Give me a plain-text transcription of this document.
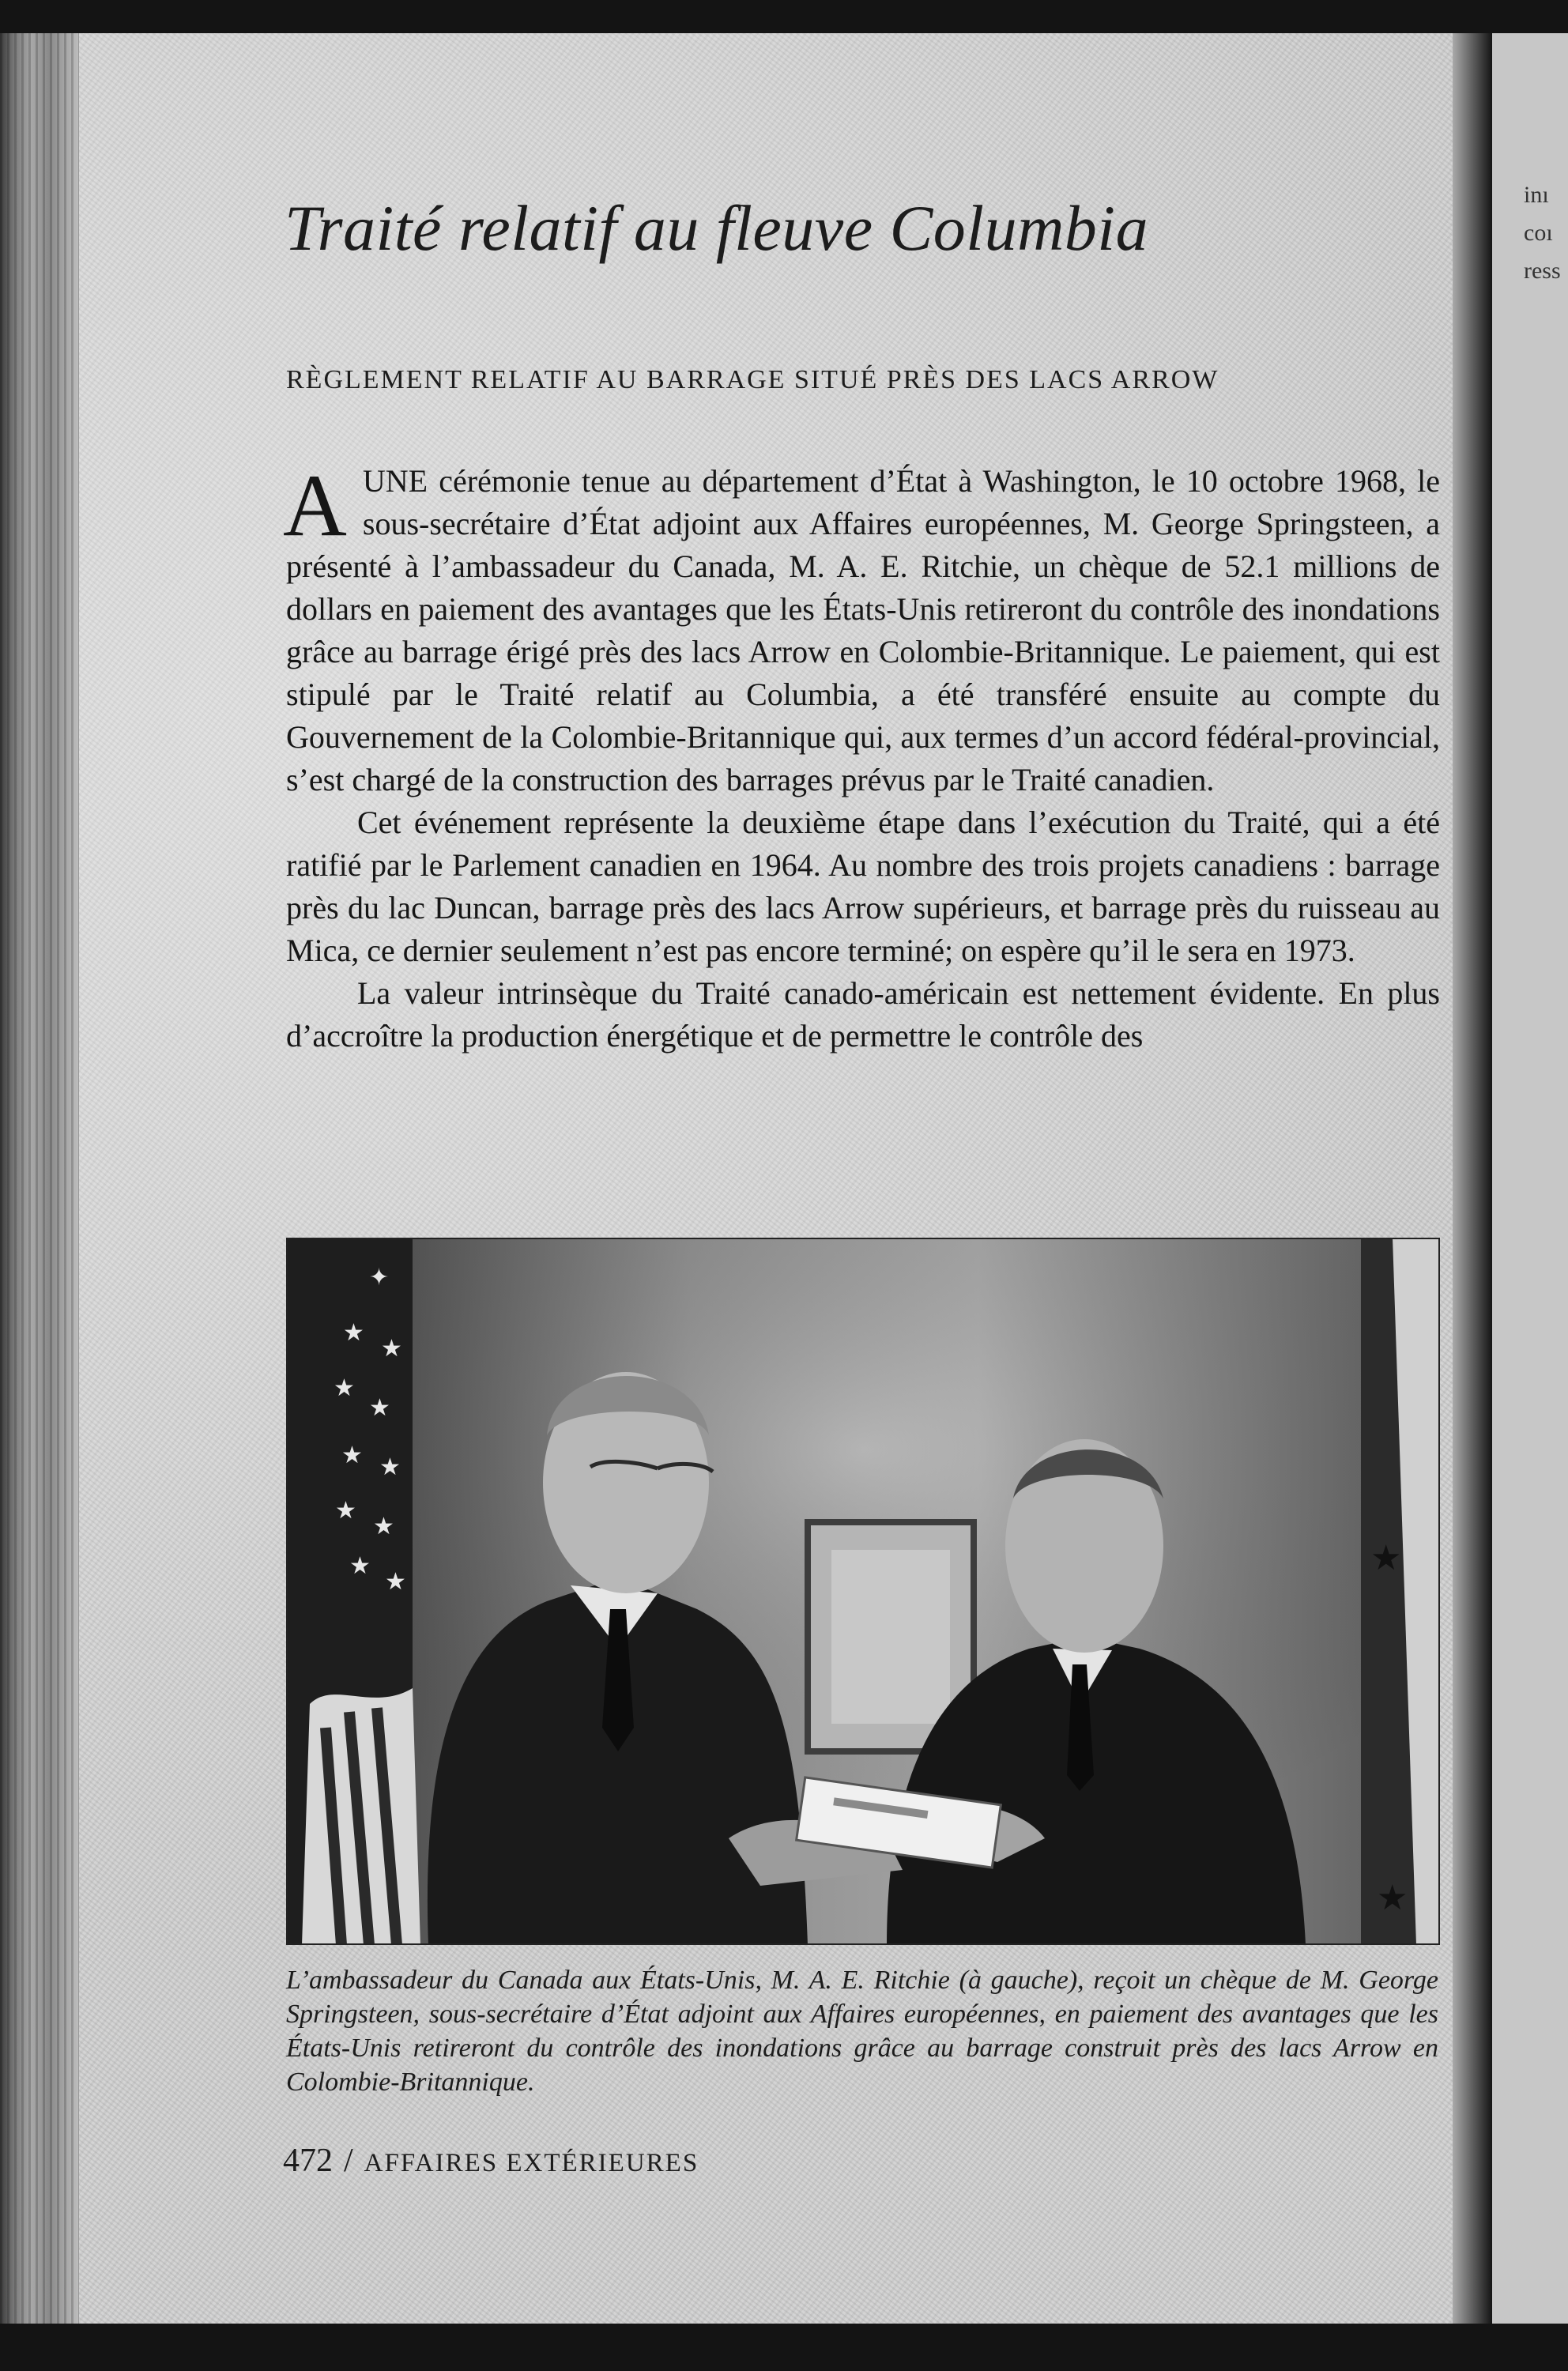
Traité relatif au fleuve Columbia
RÈGLEMENT RELATIF AU BARRAGE SITUÉ PRÈS DES LACS ARROW

AUNE cérémonie tenue au département d’État à Washington, le 10 octobre 1968, le sous-secrétaire d’État adjoint aux Affaires européennes, M. George Springsteen, a présenté à l’ambassadeur du Canada, M. A. E. Ritchie, un chèque de 52.1 millions de dollars en paiement des avantages que les États-Unis retireront du contrôle des inondations grâce au barrage érigé près des lacs Arrow en Colombie-Britannique. Le paiement, qui est stipulé par le Traité relatif au Columbia, a été transféré ensuite au compte du Gouvernement de la Colombie-Britannique qui, aux termes d’un accord fédéral-provincial, s’est chargé de la construction des barrages prévus par le Traité canadien.

Cet événement représente la deuxième étape dans l’exécution du Traité, qui a été ratifié par le Parlement canadien en 1964. Au nombre des trois projets canadiens : barrage près du lac Duncan, barrage près des lacs Arrow supérieurs, et barrage près du ruisseau au Mica, ce dernier seulement n’est pas encore terminé; on espère qu’il le sera en 1973.

La valeur intrinsèque du Traité canado-américain est nettement évidente. En plus d’accroître la production énergétique et de permettre le contrôle des

✦
★
★
★
★
★ ★
★
★
★
★
★
★
L’ambassadeur du Canada aux États-Unis, M. A. E. Ritchie (à gauche), reçoit un chèque de M. George Springsteen, sous-secrétaire d’État adjoint aux Affaires européennes, en paiement des avantages que les États-Unis retireront du contrôle des inondations grâce au barrage construit près des lacs Arrow en Colombie-Britannique.
472 / AFFAIRES EXTÉRIEURES
inı
coı
ress
